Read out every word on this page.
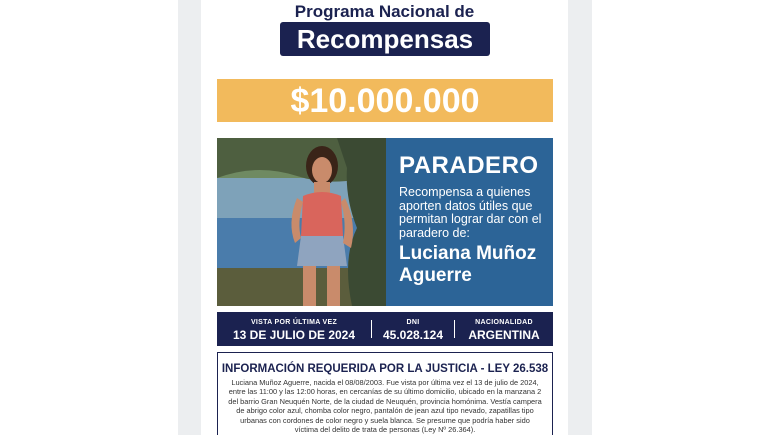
Programa Nacional de
Recompensas
$10.000.000
PARADERO
Recompensa a quienes aporten datos útiles que permitan lograr dar con el paradero de:
Luciana Muñoz Aguerre
VISTA POR ÚLTIMA VEZ
13 DE JULIO DE 2024
DNI
45.028.124
NACIONALIDAD
ARGENTINA
INFORMACIÓN REQUERIDA POR LA JUSTICIA - LEY 26.538
Luciana Muñoz Aguerre, nacida el 08/08/2003. Fue vista por última vez el 13 de julio de 2024, entre las 11:00 y las 12:00 horas, en cercanías de su último domicilio, ubicado en la manzana 2 del barrio Gran Neuquén Norte, de la ciudad de Neuquén, provincia homónima. Vestía campera de abrigo color azul, chomba color negro, pantalón de jean azul tipo nevado, zapatillas tipo urbanas con cordones de color negro y suela blanca. Se presume que podría haber sido víctima del delito de trata de personas (Ley Nº 26.364).
